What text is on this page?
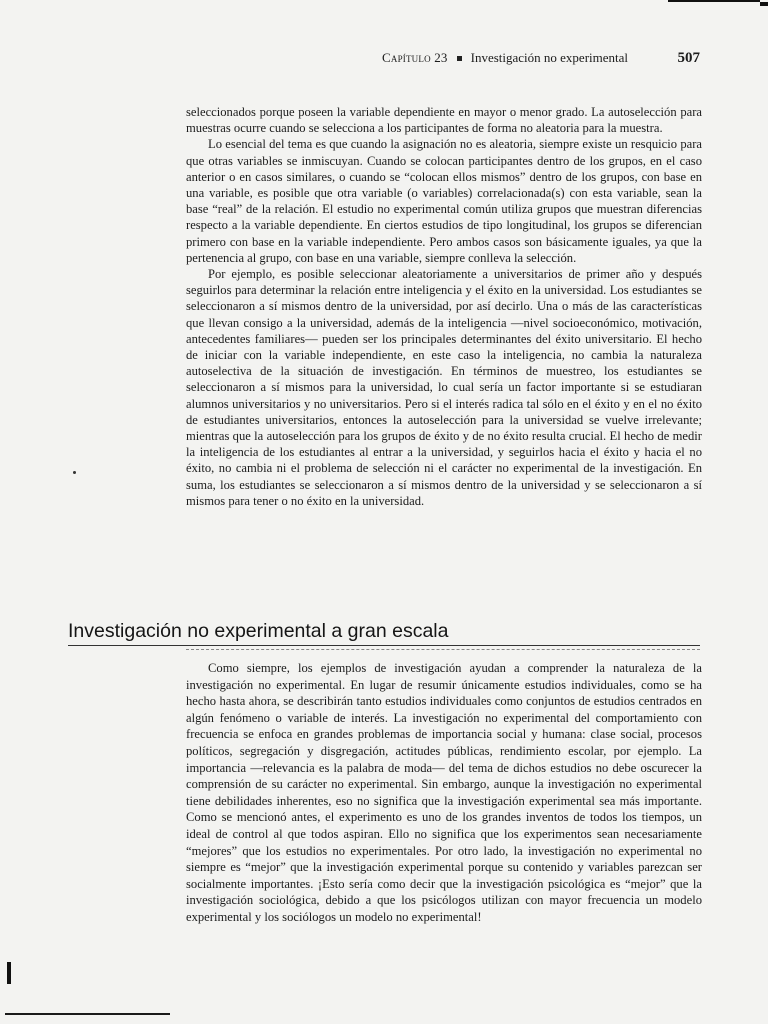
Capítulo 23 Investigación no experimental	507

seleccionados porque poseen la variable dependiente en mayor o menor grado. La autoselección para muestras ocurre cuando se selecciona a los participantes de forma no aleatoria para la muestra.

Lo esencial del tema es que cuando la asignación no es aleatoria, siempre existe un resquicio para que otras variables se inmiscuyan. Cuando se colocan participantes dentro de los grupos, en el caso anterior o en casos similares, o cuando se “colocan ellos mismos” dentro de los grupos, con base en una variable, es posible que otra variable (o variables) correlacionada(s) con esta variable, sean la base “real” de la relación. El estudio no experimental común utiliza grupos que muestran diferencias respecto a la variable dependiente. En ciertos estudios de tipo longitudinal, los grupos se diferencian primero con base en la variable independiente. Pero ambos casos son básicamente iguales, ya que la pertenencia al grupo, con base en una variable, siempre conlleva la selección.

Por ejemplo, es posible seleccionar aleatoriamente a universitarios de primer año y después seguirlos para determinar la relación entre inteligencia y el éxito en la universidad. Los estudiantes se seleccionaron a sí mismos dentro de la universidad, por así decirlo. Una o más de las características que llevan consigo a la universidad, además de la inteligencia —nivel socioeconómico, motivación, antecedentes familiares— pueden ser los principales determinantes del éxito universitario. El hecho de iniciar con la variable independiente, en este caso la inteligencia, no cambia la naturaleza autoselectiva de la situación de investigación. En términos de muestreo, los estudiantes se seleccionaron a sí mismos para la universidad, lo cual sería un factor importante si se estudiaran alumnos universitarios y no universitarios. Pero si el interés radica tal sólo en el éxito y en el no éxito de estudiantes universitarios, entonces la autoselección para la universidad se vuelve irrelevante; mientras que la autoselección para los grupos de éxito y de no éxito resulta crucial. El hecho de medir la inteligencia de los estudiantes al entrar a la universidad, y seguirlos hacia el éxito y hacia el no éxito, no cambia ni el problema de selección ni el carácter no experimental de la investigación. En suma, los estudiantes se seleccionaron a sí mismos dentro de la universidad y se seleccionaron a sí mismos para tener o no éxito en la universidad.

Investigación no experimental a gran escala

Como siempre, los ejemplos de investigación ayudan a comprender la naturaleza de la investigación no experimental. En lugar de resumir únicamente estudios individuales, como se ha hecho hasta ahora, se describirán tanto estudios individuales como conjuntos de estudios centrados en algún fenómeno o variable de interés. La investigación no experimental del comportamiento con frecuencia se enfoca en grandes problemas de importancia social y humana: clase social, procesos políticos, segregación y disgregación, actitudes públicas, rendimiento escolar, por ejemplo. La importancia —relevancia es la palabra de moda— del tema de dichos estudios no debe oscurecer la comprensión de su carácter no experimental. Sin embargo, aunque la investigación no experimental tiene debilidades inherentes, eso no significa que la investigación experimental sea más importante. Como se mencionó antes, el experimento es uno de los grandes inventos de todos los tiempos, un ideal de control al que todos aspiran. Ello no significa que los experimentos sean necesariamente “mejores” que los estudios no experimentales. Por otro lado, la investigación no experimental no siempre es “mejor” que la investigación experimental porque su contenido y variables parezcan ser socialmente importantes. ¡Esto sería como decir que la investigación psicológica es “mejor” que la investigación sociológica, debido a que los psicólogos utilizan con mayor frecuencia un modelo experimental y los sociólogos un modelo no experimental!
